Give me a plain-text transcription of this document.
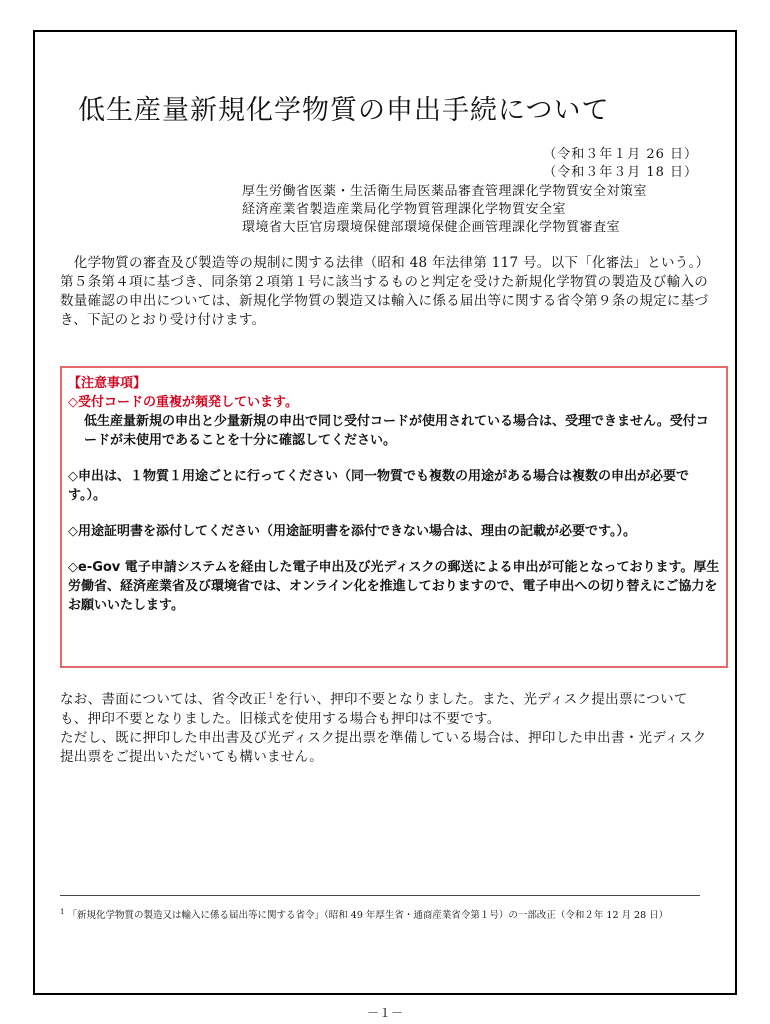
低生産量新規化学物質の申出手続について
（令和３年１月 26 日）
（令和３年３月 18 日）
厚生労働省医薬・生活衛生局医薬品審査管理課化学物質安全対策室
経済産業省製造産業局化学物質管理課化学物質安全室
環境省大臣官房環境保健部環境保健企画管理課化学物質審査室
　化学物質の審査及び製造等の規制に関する法律（昭和 48 年法律第 117 号。以下「化審法」という。）第５条第４項に基づき、同条第２項第１号に該当するものと判定を受けた新規化学物質の製造及び輸入の数量確認の申出については、新規化学物質の製造又は輸入に係る届出等に関する省令第９条の規定に基づき、下記のとおり受け付けます。
【注意事項】
◇受付コードの重複が頻発しています。
低生産量新規の申出と少量新規の申出で同じ受付コードが使用されている場合は、受理できません。受付コードが未使用であることを十分に確認してください。
◇申出は、１物質１用途ごとに行ってください（同一物質でも複数の用途がある場合は複数の申出が必要です。）。
◇用途証明書を添付してください（用途証明書を添付できない場合は、理由の記載が必要です。）。
◇e-Gov 電子申請システムを経由した電子申出及び光ディスクの郵送による申出が可能となっております。厚生労働省、経済産業省及び環境省では、オンライン化を推進しておりますので、電子申出への切り替えにご協力をお願いいたします。

なお、書面については、省令改正$^1$を行い、押印不要となりました。また、光ディスク提出票についても、押印不要となりました。旧様式を使用する場合も押印は不要です。

ただし、既に押印した申出書及び光ディスク提出票を準備している場合は、押印した申出書・光ディスク提出票をご提出いただいても構いません。

$^1$ 「新規化学物質の製造又は輸入に係る届出等に関する省令」（昭和 49 年厚生省・通商産業省令第１号）の一部改正（令和２年 12 月 28 日）
－１－
